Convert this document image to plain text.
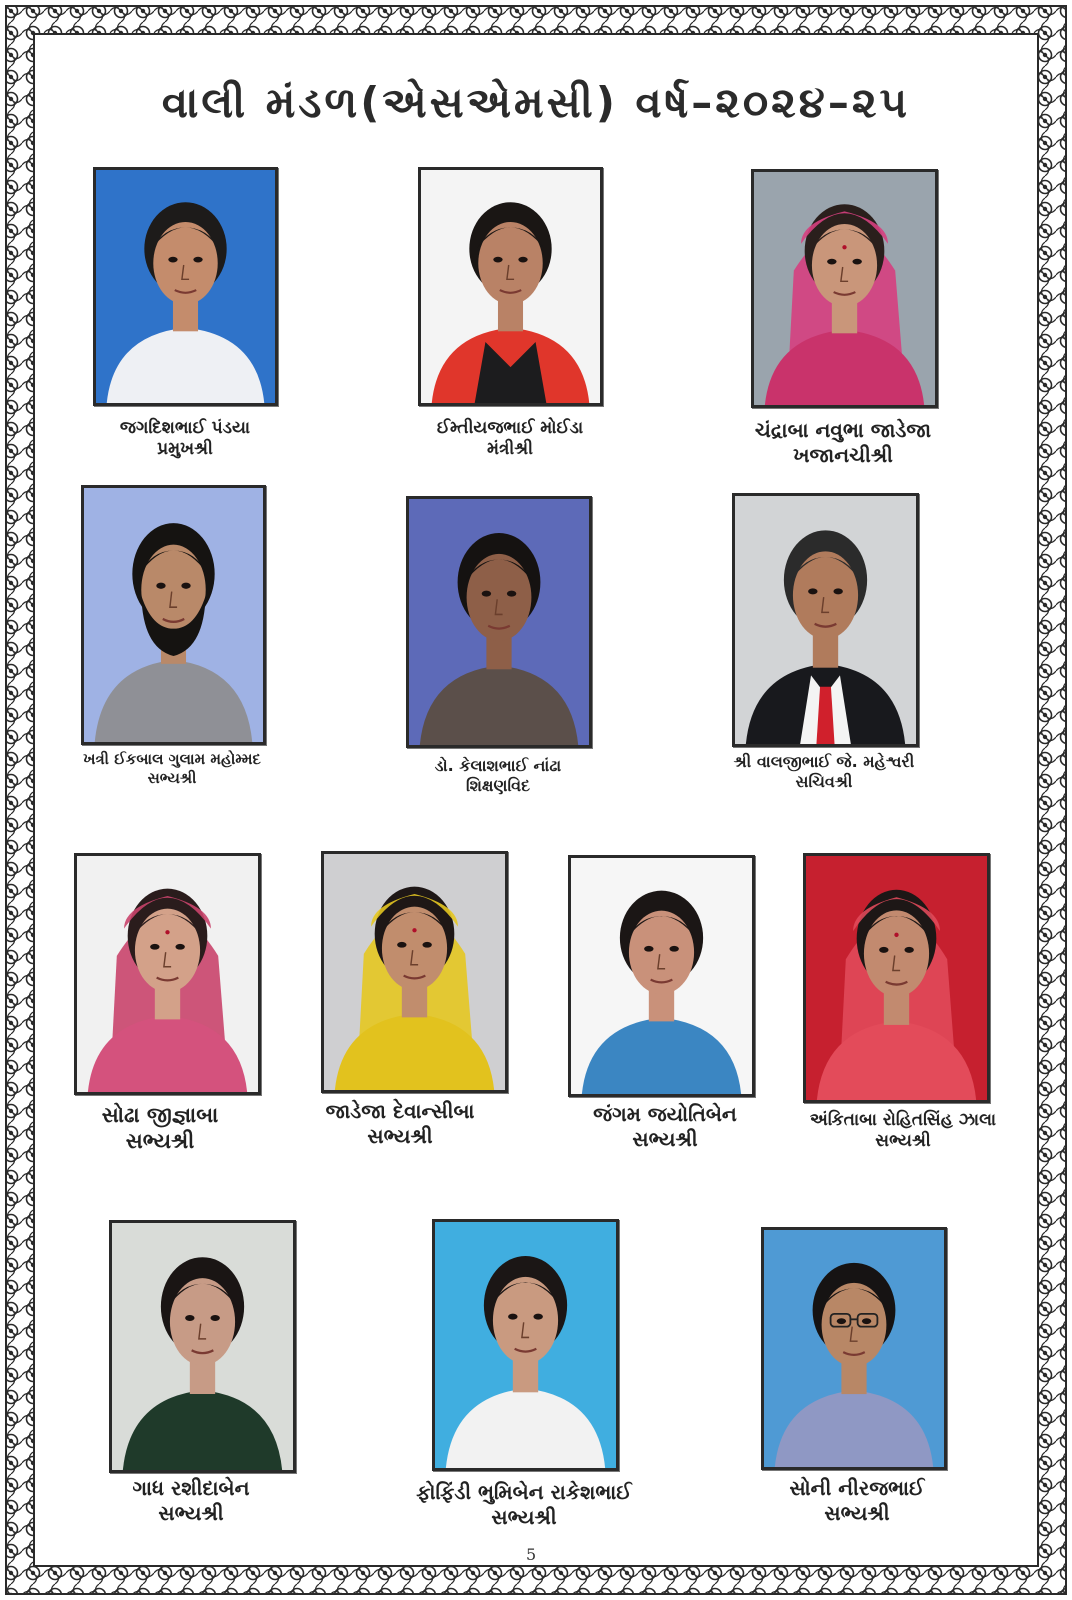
વાલી મંડળ(એસએમસી) વર્ષ–૨૦૨૪–૨૫
જગદિશભાઈ પંડયા
પ્રમુખશ્રી
ઈમ્તીયજભાઈ મોઈડા
મંત્રીશ્રી
ચંદ્રાબા નવુભા જાડેજા
ખજાનચીશ્રી
ખત્રી ઈકબાલ ગુલામ મહોમ્મદ
સભ્યશ્રી
ડો. કેલાશભાઈ નાંઢા
શિક્ષણવિદ
શ્રી વાલજીભાઈ જે. મહેશ્વરી
સચિવશ્રી
સોઢા જીજ્ઞાબા
સભ્યશ્રી
જાડેજા દેવાન્સીબા
સભ્યશ્રી
જંગમ જયોતિબેન
સભ્યશ્રી
અંકિતાબા રોહિતસિંહ ઝાલા
સભ્યશ્રી
ગાધ રશીદાબેન
સભ્યશ્રી
ફોફિંડી ભુમિબેન રાકેશભાઈ
સભ્યશ્રી
સોની નીરજભાઈ
સભ્યશ્રી
5
